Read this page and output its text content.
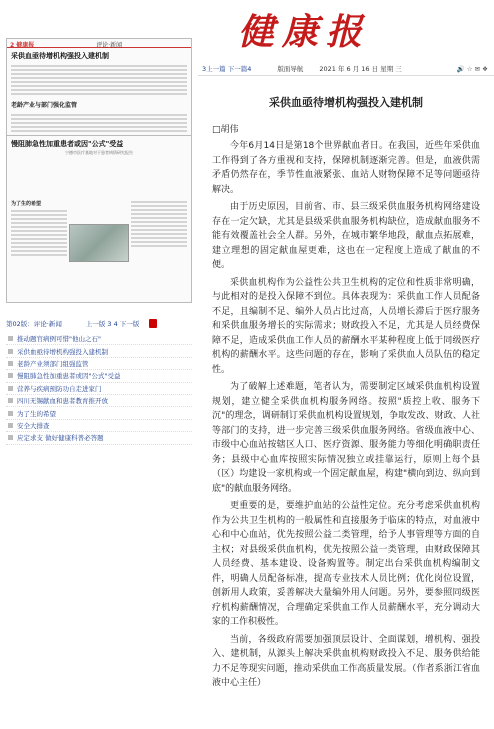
2 健康报	评论·新闻
采供血亟待增机构强投入建机制
老龄产业与部门强化监管
慢阻肺急性加重患者或因"公式"受益
宁德市医疗基地对于患者病情研究报告
为了生的希望
第02版：评论·新闻	上一版 3 4 下一版
推动题官病例可惜"他山之石"
采供血亟待增机构强投入建机制
老龄产业须部门组强监管
慢阻肺急性加重患者或因"公式"受益
营养与疾病预防功自走进家门
四川无锡献血和患者教育推开放
为了生的希望
安全大排查
应定求支 做好健康科普必答题
健康报
3上一篇 下一篇4	版面导航 2021 年 6 月 16 日 星期 三	🔊 ☆ ✉ ❖
采供血亟待增机构强投入建机制
□胡伟

今年6月14日是第18个世界献血者日。在我国，近些年采供血工作得到了各方重视和支持，保障机制逐渐完善。但是，血液供需矛盾仍然存在，季节性血液紧张、血站人财物保障不足等问题亟待解决。

由于历史原因，目前省、市、县三级采供血服务机构网络建设存在一定欠缺，尤其是县级采供血服务机构缺位，造成献血服务不能有效覆盖社会全人群。另外，在城市繁华地段，献血点拓展难，建立理想的固定献血屋更难，这也在一定程度上造成了献血的不便。

采供血机构作为公益性公共卫生机构的定位和性质非常明确，与此相对的是投入保障不到位。具体表现为：采供血工作人员配备不足，且编制不足、编外人员占比过高，人员增长滞后于医疗服务和采供血服务增长的实际需求；财政投入不足，尤其是人员经费保障不足，造成采供血工作人员的薪酬水平某种程度上低于同级医疗机构的薪酬水平。这些问题的存在，影响了采供血人员队伍的稳定性。

为了破解上述难题，笔者认为，需要制定区域采供血机构设置规划，建立健全采供血机构服务网络。按照"质控上收、服务下沉"的理念，调研制订采供血机构设置规划，争取发改、财政、人社等部门的支持，进一步完善三级采供血服务网络。省级血液中心、市级中心血站按辖区人口、医疗资源、服务能力等细化明确职责任务；县级中心血库按照实际情况独立或挂靠运行，原则上每个县（区）均建设一家机构或一个固定献血屋，构建"横向到边、纵向到底"的献血服务网络。

更重要的是，要维护血站的公益性定位。充分考虑采供血机构作为公共卫生机构的一般属性和直接服务于临床的特点，对血液中心和中心血站，优先按照公益二类管理，给予人事管理等方面的自主权；对县级采供血机构，优先按照公益一类管理，由财政保障其人员经费、基本建设、设备购置等。制定出台采供血机构编制文件，明确人员配备标准，提高专业技术人员比例；优化岗位设置，创新用人政策，妥善解决大量编外用人问题。另外，要参照同级医疗机构薪酬情况，合理确定采供血工作人员薪酬水平，充分调动大家的工作积极性。

当前，各级政府需要加强顶层设计、全面谋划，增机构、强投入、建机制，从源头上解决采供血机构财政投入不足、服务供给能力不足等现实问题，推动采供血工作高质量发展。（作者系浙江省血液中心主任）
